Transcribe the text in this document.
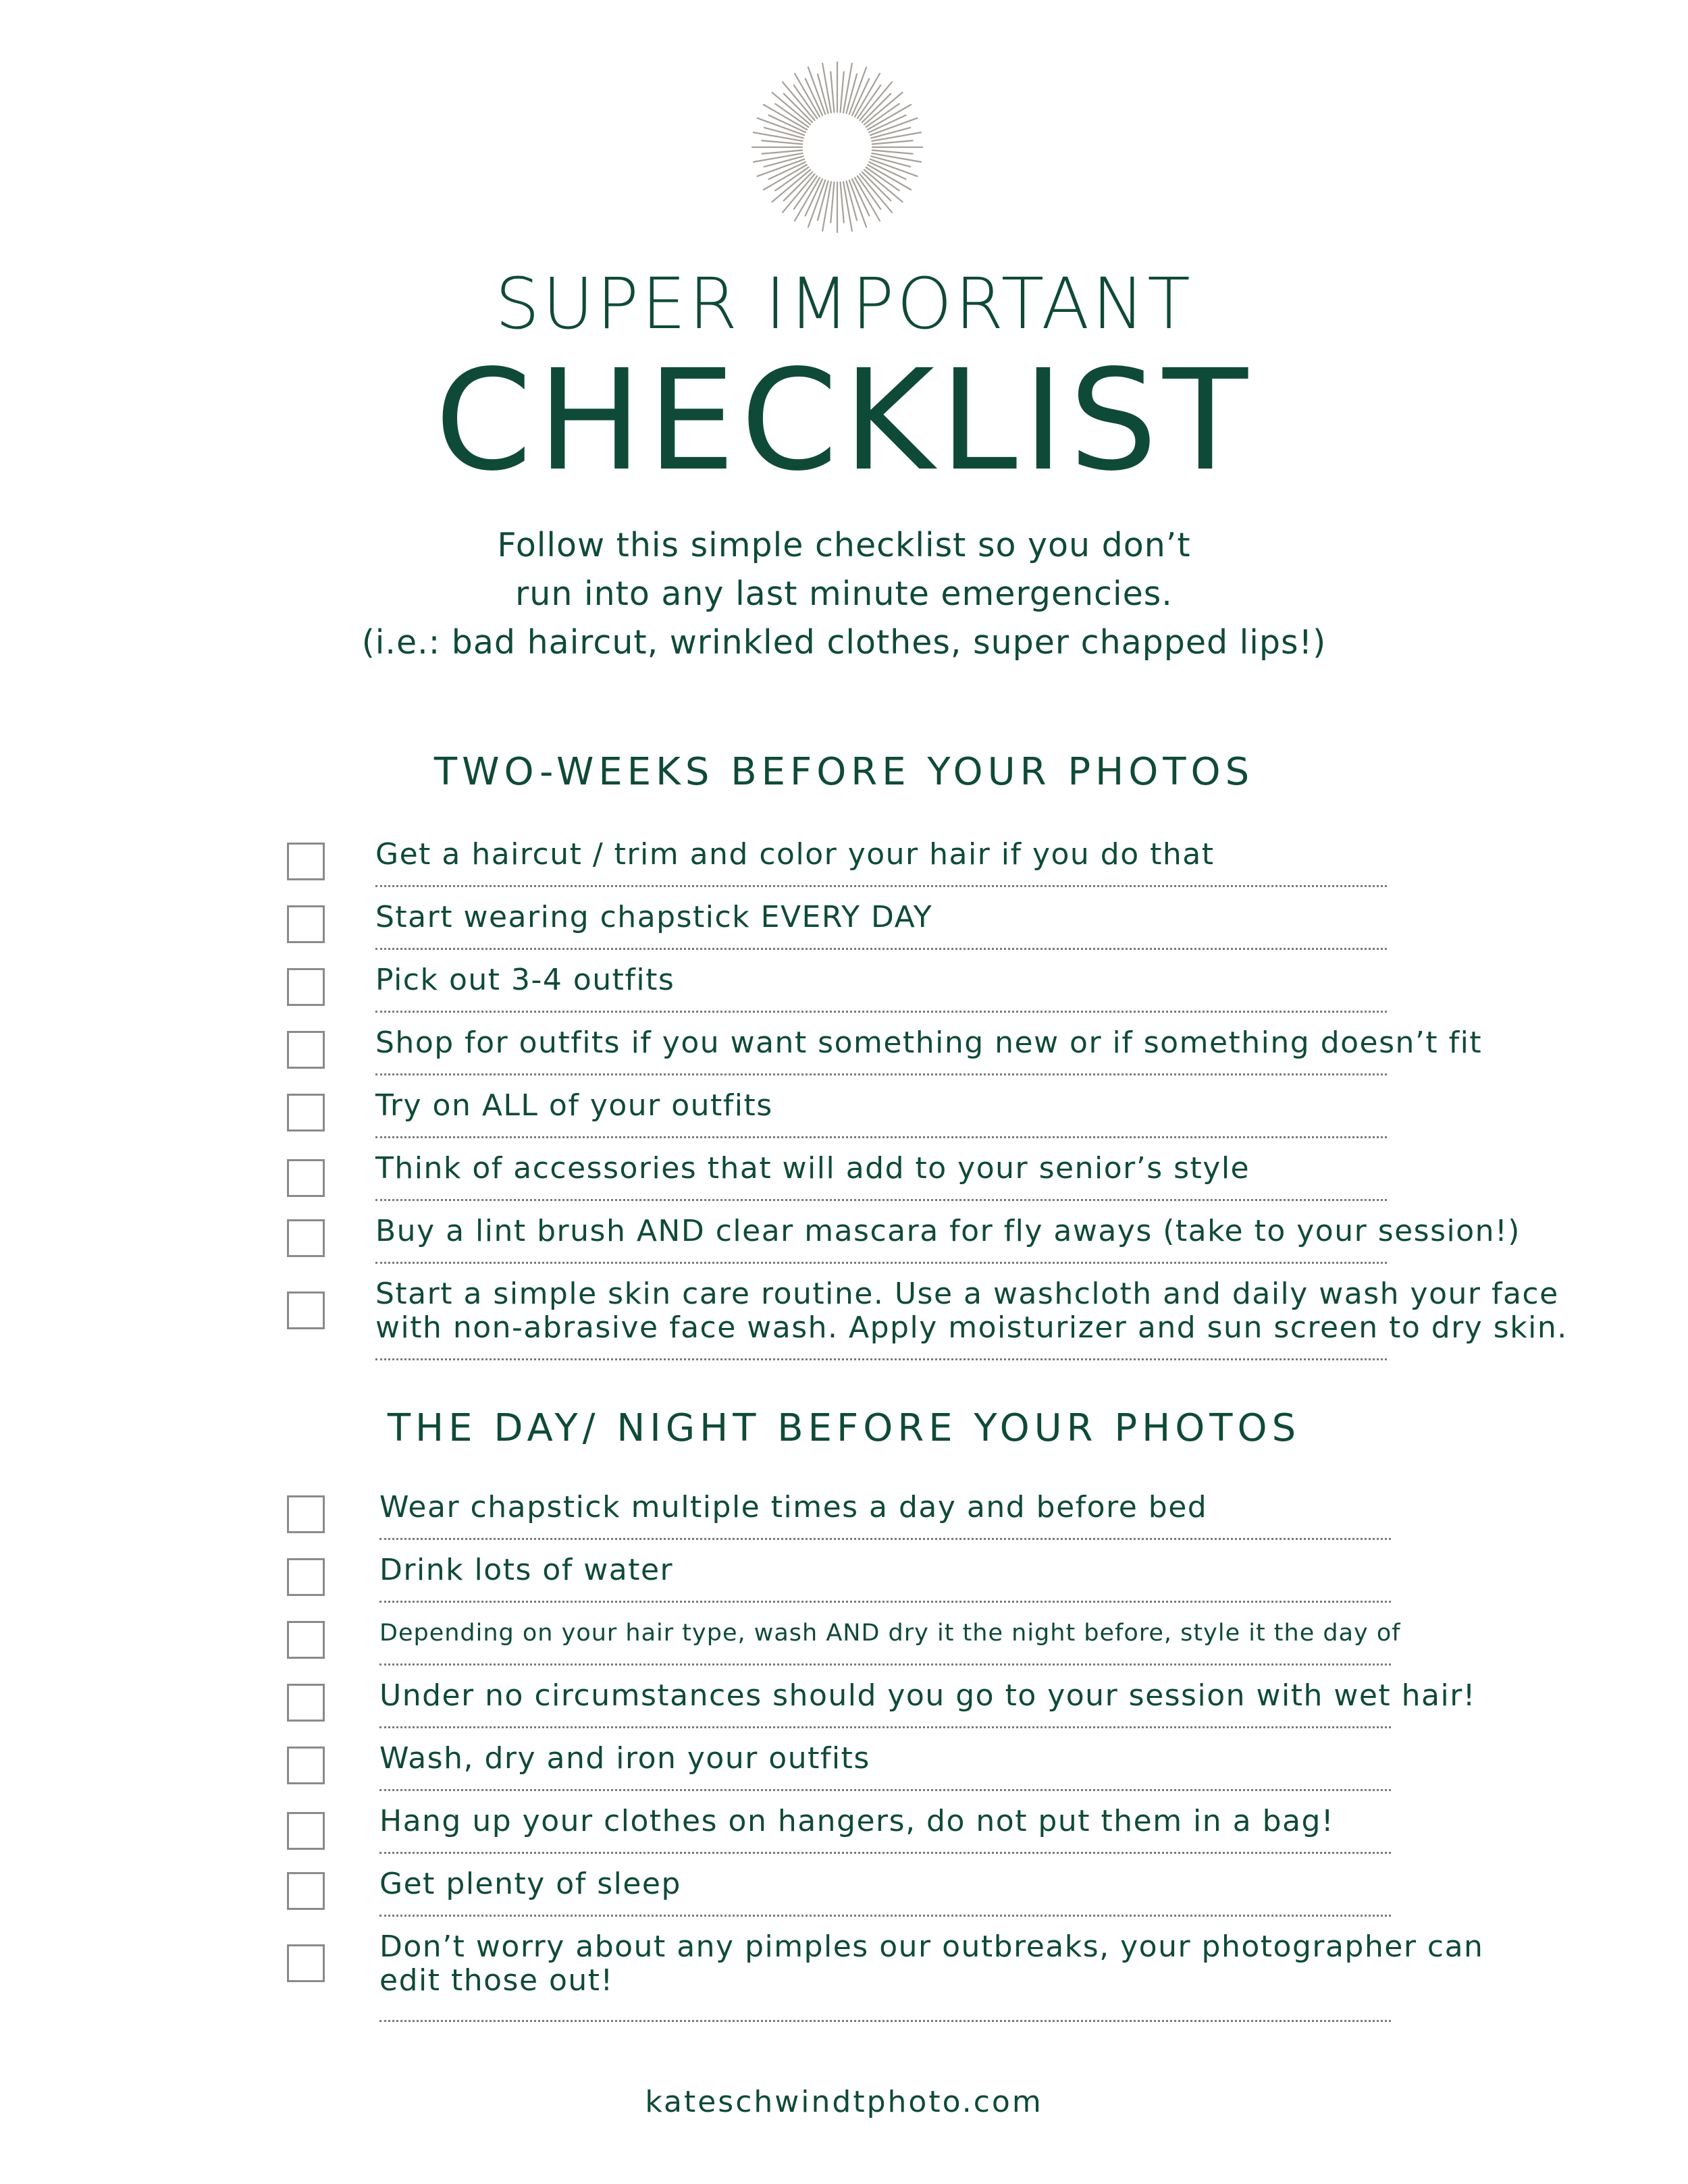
SUPER IMPORTANT
CHECKLIST
Follow this simple checklist so you don’t
run into any last minute emergencies.
(i.e.: bad haircut, wrinkled clothes, super chapped lips!)
TWO-WEEKS BEFORE YOUR PHOTOS
Get a haircut / trim and color your hair if you do that
Start wearing chapstick EVERY DAY
Pick out 3-4 outfits
Shop for outfits if you want something new or if something doesn’t fit
Try on ALL of your outfits
Think of accessories that will add to your senior’s style
Buy a lint brush AND clear mascara for fly aways (take to your session!)
Start a simple skin care routine. Use a washcloth and daily wash your face
with non-abrasive face wash. Apply moisturizer and sun screen to dry skin.
THE DAY/ NIGHT BEFORE YOUR PHOTOS
Wear chapstick multiple times a day and before bed
Drink lots of water
Depending on your hair type, wash AND dry it the night before, style it the day of
Under no circumstances should you go to your session with wet hair!
Wash, dry and iron your outfits
Hang up your clothes on hangers, do not put them in a bag!
Get plenty of sleep
Don’t worry about any pimples our outbreaks, your photographer can
edit those out!
kateschwindtphoto.com
